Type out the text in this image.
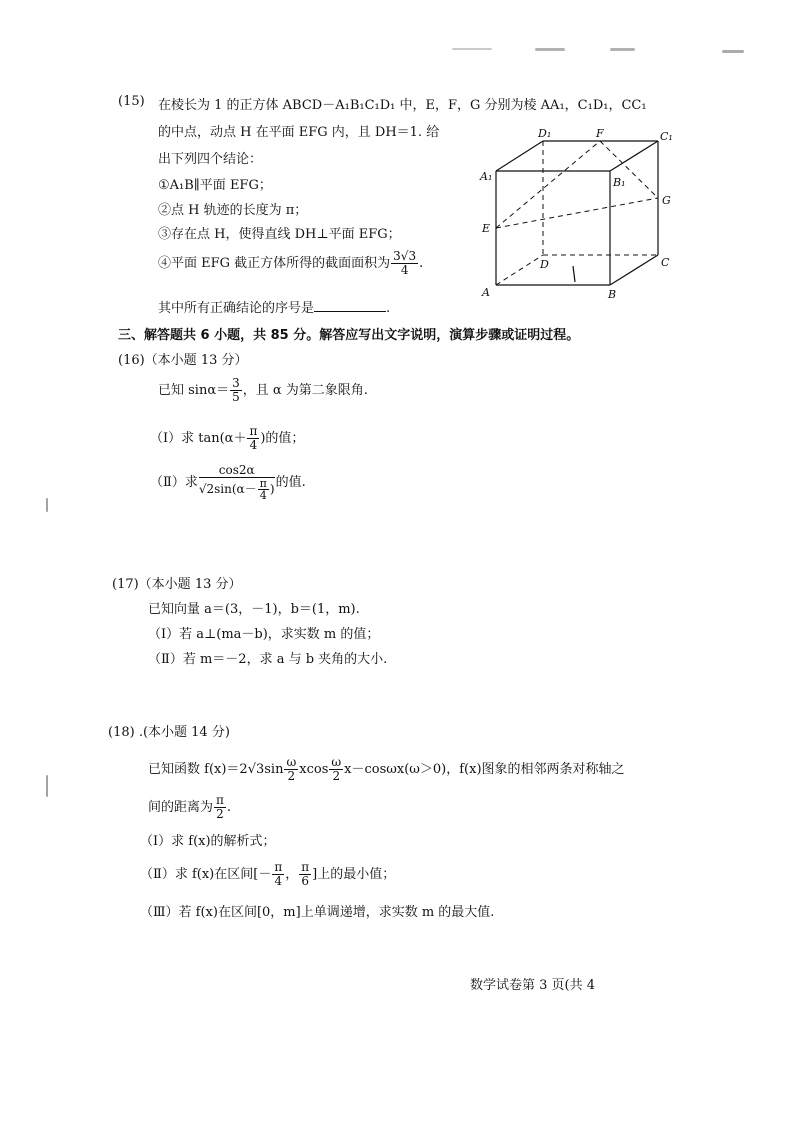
(15) 在棱长为 1 的正方体 ABCD－A₁B₁C₁D₁ 中，E，F，G 分别为棱 AA₁，C₁D₁，CC₁
的中点，动点 H 在平面 EFG 内，且 DH＝1. 给
出下列四个结论：
①A₁B∥平面 EFG；
②点 H 轨迹的长度为 π；
③存在点 H，使得直线 DH⊥平面 EFG；
④平面 EFG 截正方体所得的截面面积为 $\frac{3√3}{4}$ .
其中所有正确结论的序号是	.
D₁	F	C₁
A₁	B₁
G
E
D	C
A	B
三、解答题共 6 小题，共 85 分。解答应写出文字说明，演算步骤或证明过程。
(16)（本小题 13 分）
已知 $\sin\alpha= \frac{3}{5}$ ，且 α 为第二象限角.
（Ⅰ）求 $\tan(\alpha+ \frac{\pi}{4}$ )的值；
（Ⅱ）求 $\frac{\cos 2\alpha}{√2\sin(\alpha- \frac{\pi}{4} )}$ 的值.
(17)（本小题 13 分）
已知向量 a＝(3，－1)，b＝(1，m).
（Ⅰ）若 a⊥(ma－b)，求实数 m 的值；
（Ⅱ）若 m＝－2，求 a 与 b 夹角的大小.
(18) .(本小题 14 分)
已知函数 $f(x)=2√3\sin \frac{\omega}{2}$ xcos $\frac{\omega}{2} x-\cos\omega x(\omega>0)$，f(x)图象的相邻两条对称轴之
间的距离为 $\frac{\pi}{2}$ .
（Ⅰ）求 f(x)的解析式；
（Ⅱ）求 f(x)在区间[－ $\frac{\pi}{4}$ ， $\frac{\pi}{6}$ ]上的最小值；
（Ⅲ）若 f(x)在区间[0，m]上单调递增，求实数 m 的最大值.
数学试卷第 3 页(共 4
